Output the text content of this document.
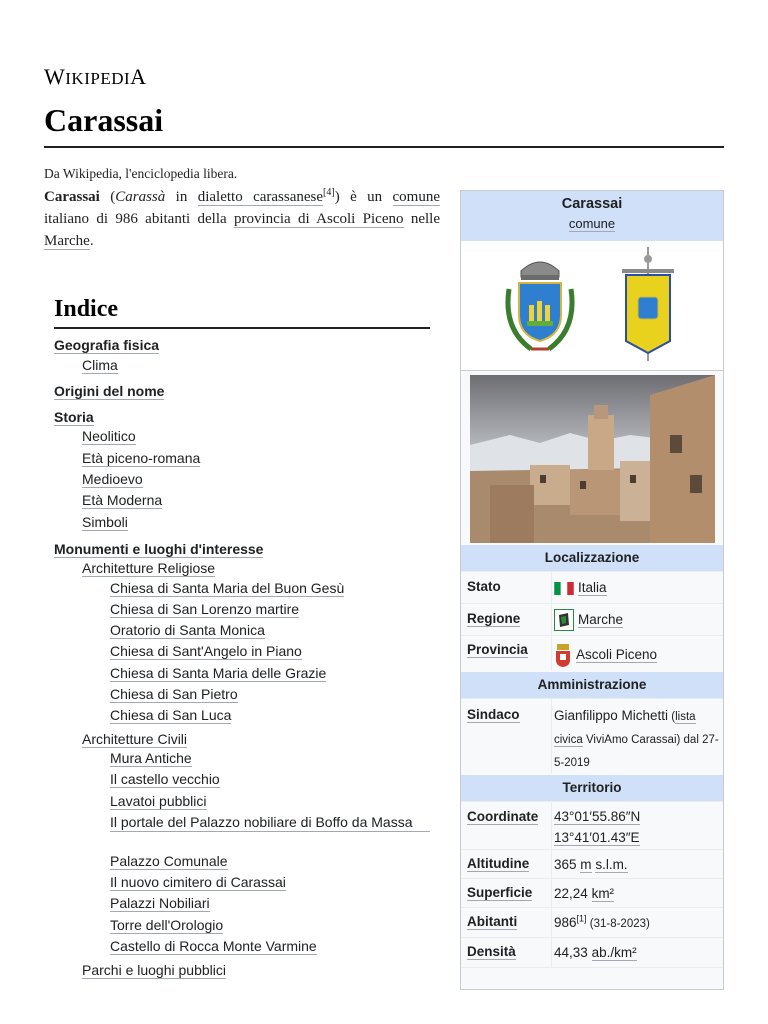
WIKIPEDIA
Carassai
Da Wikipedia, l'enciclopedia libera.

Carassai (Carassà in dialetto carassanese[4]) è un comune italiano di 986 abitanti della provincia di Ascoli Piceno nelle Marche.

Indice
Geografia fisica
Clima
Origini del nome
Storia
Neolitico
Età piceno-romana
Medioevo
Età Moderna
Simboli
Monumenti e luoghi d'interesse
Architetture Religiose
Chiesa di Santa Maria del Buon Gesù
Chiesa di San Lorenzo martire
Oratorio di Santa Monica
Chiesa di Sant'Angelo in Piano
Chiesa di Santa Maria delle Grazie
Chiesa di San Pietro
Chiesa di San Luca
Architetture Civili
Mura Antiche
Il castello vecchio
Lavatoi pubblici
Il portale del Palazzo nobiliare di Boffo da Massa
Palazzo Comunale
Il nuovo cimitero di Carassai
Palazzi Nobiliari
Torre dell'Orologio
Castello di Rocca Monte Varmine
Parchi e luoghi pubblici
Carassai
comune
Localizzazione
Stato	Italia
Regione	Marche
Provincia	Ascoli Piceno
Amministrazione
Sindaco	Gianfilippo Michetti (lista civica ViviAmo Carassai) dal 27-5-2019
Territorio
Coordinate 43°01′55.86″N
13°41′01.43″E
Altitudine 365 m s.l.m.
Superficie 22,24 km²
Abitanti	986[1] (31-8-2023)
Densità	44,33 ab./km²
